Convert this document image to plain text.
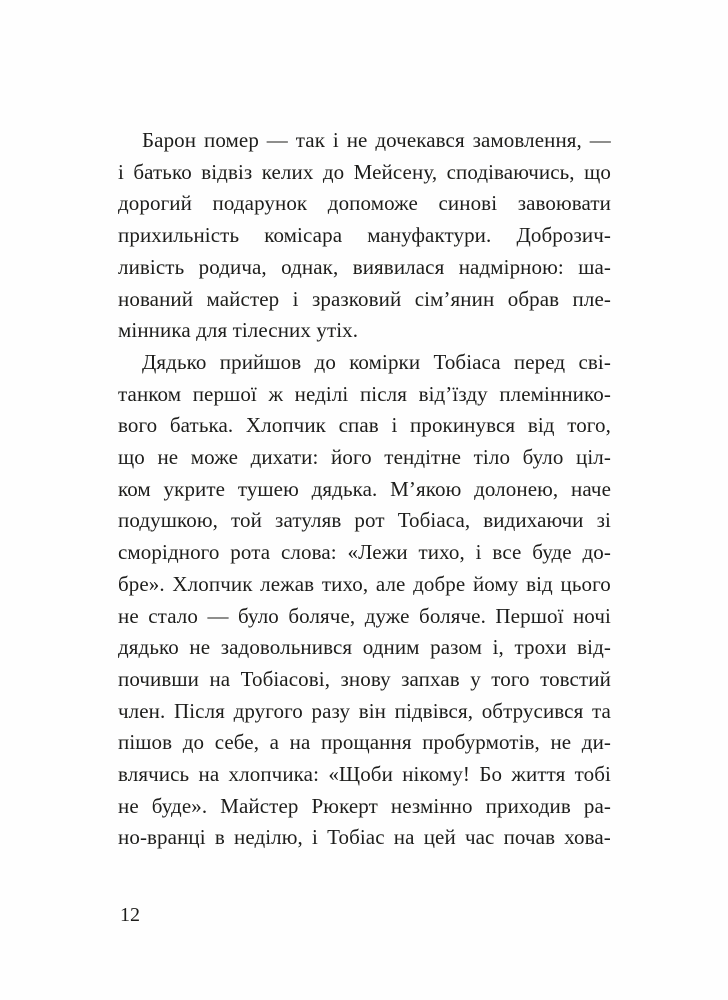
Барон помер — так і не дочекався замовлення, —
і батько відвіз келих до Мейсену, сподіваючись, що
дорогий подарунок допоможе синові завоювати
прихильність комісара мануфактури. Доброзич-
ливість родича, однак, виявилася надмірною: ша-
нований майстер і зразковий сім’янин обрав пле-
мінника для тілесних утіх.
Дядько прийшов до комірки Тобіаса перед сві-
танком першої ж неділі після від’їзду племіннико-
вого батька. Хлопчик спав і прокинувся від того,
що не може дихати: його тендітне тіло було ціл-
ком укрите тушею дядька. М’якою долонею, наче
подушкою, той затуляв рот Тобіаса, видихаючи зі
сморідного рота слова: «Лежи тихо, і все буде до-
бре». Хлопчик лежав тихо, але добре йому від цього
не стало — було боляче, дуже боляче. Першої ночі
дядько не задовольнився одним разом і, трохи від-
почивши на Тобіасові, знову запхав у того товстий
член. Після другого разу він підвівся, обтрусився та
пішов до себе, а на прощання пробурмотів, не ди-
влячись на хлопчика: «Щоби нікому! Бо життя тобі
не буде». Майстер Рюкерт незмінно приходив ра-
но-вранці в неділю, і Тобіас на цей час почав хова-
12
